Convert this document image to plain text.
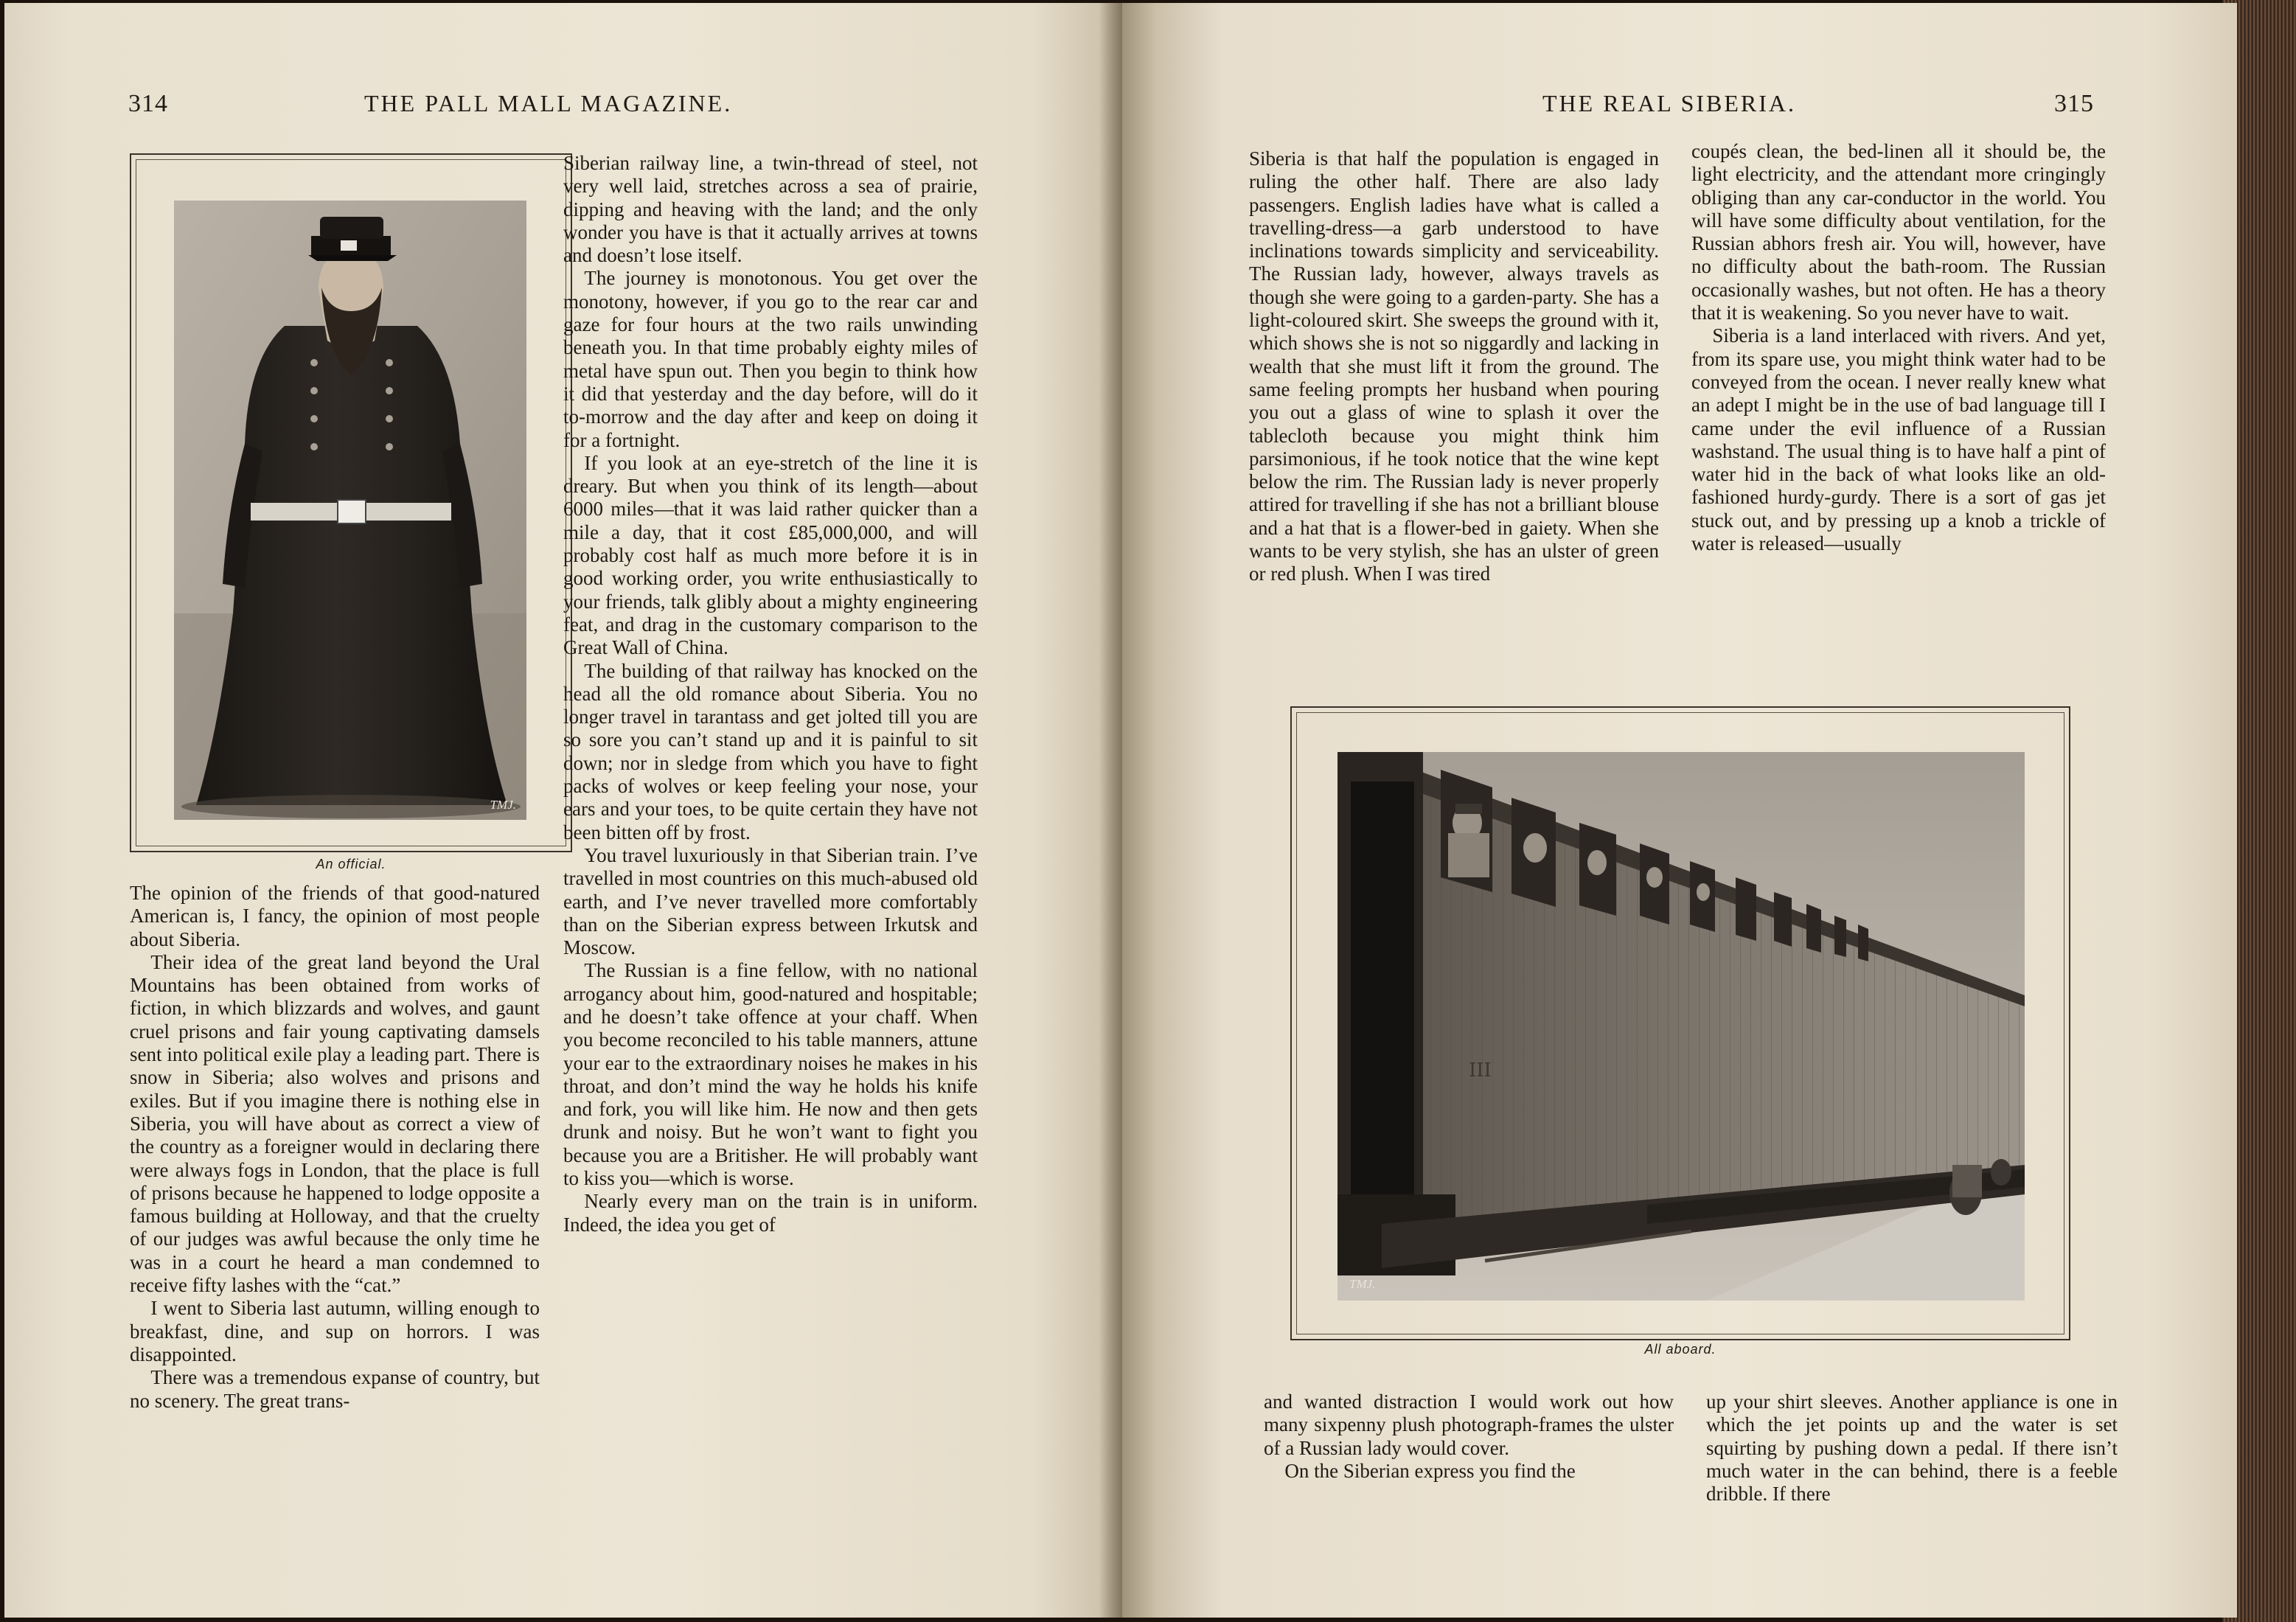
314	THE PALL MALL MAGAZINE.
TMJ.
An official.

The opinion of the friends of that good-natured American is, I fancy, the opinion of most people about Siberia.

Their idea of the great land beyond the Ural Mountains has been obtained from works of fiction, in which blizzards and wolves, and gaunt cruel prisons and fair young captivating damsels sent into political exile play a leading part. There is snow in Siberia; also wolves and prisons and exiles. But if you imagine there is nothing else in Siberia, you will have about as correct a view of the country as a foreigner would in declaring there were always fogs in London, that the place is full of prisons because he happened to lodge opposite a famous building at Holloway, and that the cruelty of our judges was awful because the only time he was in a court he heard a man condemned to receive fifty lashes with the “cat.”

I went to Siberia last autumn, willing enough to breakfast, dine, and sup on horrors. I was disappointed.

There was a tremendous expanse of country, but no scenery. The great trans-

Siberian railway line, a twin-thread of steel, not very well laid, stretches across a sea of prairie, dipping and heaving with the land; and the only wonder you have is that it actually arrives at towns and doesn’t lose itself.

The journey is monotonous. You get over the monotony, however, if you go to the rear car and gaze for four hours at the two rails unwinding beneath you. In that time probably eighty miles of metal have spun out. Then you begin to think how it did that yesterday and the day before, will do it to-morrow and the day after and keep on doing it for a fortnight.

If you look at an eye-stretch of the line it is dreary. But when you think of its length—about 6000 miles—that it was laid rather quicker than a mile a day, that it cost £85,000,000, and will probably cost half as much more before it is in good working order, you write enthusiastically to your friends, talk glibly about a mighty engineering feat, and drag in the customary comparison to the Great Wall of China.

The building of that railway has knocked on the head all the old romance about Siberia. You no longer travel in tarantass and get jolted till you are so sore you can’t stand up and it is painful to sit down; nor in sledge from which you have to fight packs of wolves or keep feeling your nose, your ears and your toes, to be quite certain they have not been bitten off by frost.

You travel luxuriously in that Siberian train. I’ve travelled in most countries on this much-abused old earth, and I’ve never travelled more comfortably than on the Siberian express between Irkutsk and Moscow.

The Russian is a fine fellow, with no national arrogancy about him, good-natured and hospitable; and he doesn’t take offence at your chaff. When you become reconciled to his table manners, attune your ear to the extraordinary noises he makes in his throat, and don’t mind the way he holds his knife and fork, you will like him. He now and then gets drunk and noisy. But he won’t want to fight you because you are a Britisher. He will probably want to kiss you—which is worse.

Nearly every man on the train is in uniform. Indeed, the idea you get of

THE REAL SIBERIA.	315

Siberia is that half the population is engaged in ruling the other half. There are also lady passengers. English ladies have what is called a travelling-dress—a garb understood to have inclinations towards simplicity and serviceability. The Russian lady, however, always travels as though she were going to a garden-party. She has a light-coloured skirt. She sweeps the ground with it, which shows she is not so niggardly and lacking in wealth that she must lift it from the ground. The same feeling prompts her husband when pouring you out a glass of wine to splash it over the tablecloth because you might think him parsimonious, if he took notice that the wine kept below the rim. The Russian lady is never properly attired for travelling if she has not a brilliant blouse and a hat that is a flower-bed in gaiety. When she wants to be very stylish, she has an ulster of green or red plush. When I was tired

coupés clean, the bed-linen all it should be, the light electricity, and the attendant more cringingly obliging than any car-conductor in the world. You will have some difficulty about ventilation, for the Russian abhors fresh air. You will, however, have no difficulty about the bath-room. The Russian occasionally washes, but not often. He has a theory that it is weakening. So you never have to wait.

Siberia is a land interlaced with rivers. And yet, from its spare use, you might think water had to be conveyed from the ocean. I never really knew what an adept I might be in the use of bad language till I came under the evil influence of a Russian washstand. The usual thing is to have half a pint of water hid in the back of what looks like an old-fashioned hurdy-gurdy. There is a sort of gas jet stuck out, and by pressing up a knob a trickle of water is released—usually

III
TMJ.
All aboard.

and wanted distraction I would work out how many sixpenny plush photograph-frames the ulster of a Russian lady would cover.

On the Siberian express you find the

up your shirt sleeves. Another appliance is one in which the jet points up and the water is set squirting by pushing down a pedal. If there isn’t much water in the can behind, there is a feeble dribble. If there
